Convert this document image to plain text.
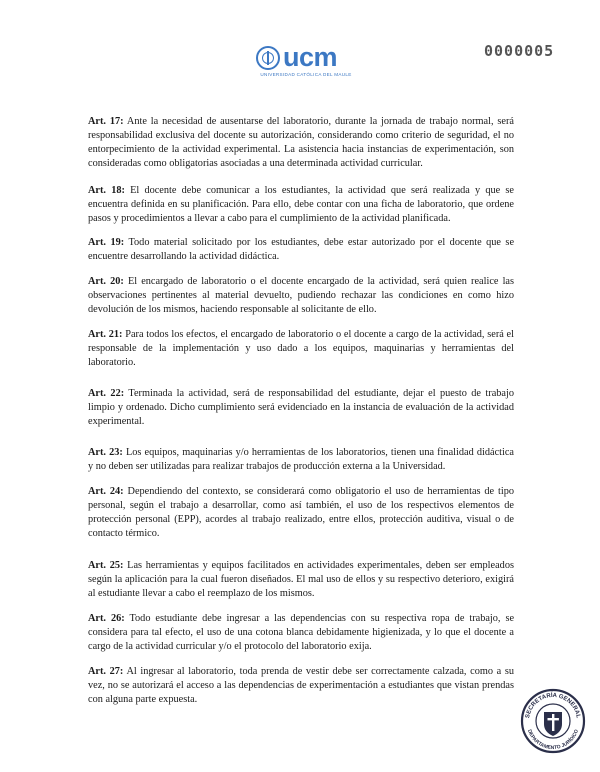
ucm
UNIVERSIDAD CATÓLICA DEL MAULE
0000005

Art. 17: Ante la necesidad de ausentarse del laboratorio, durante la jornada de trabajo normal, será responsabilidad exclusiva del docente su autorización, considerando como criterio de seguridad, el no entorpecimiento de la actividad experimental. La asistencia hacia instancias de experimentación, son consideradas como obligatorias asociadas a una determinada actividad curricular.

Art. 18: El docente debe comunicar a los estudiantes, la actividad que será realizada y que se encuentra definida en su planificación. Para ello, debe contar con una ficha de laboratorio, que ordene pasos y procedimientos a llevar a cabo para el cumplimiento de la actividad planificada.

Art. 19: Todo material solicitado por los estudiantes, debe estar autorizado por el docente que se encuentre desarrollando la actividad didáctica.

Art. 20: El encargado de laboratorio o el docente encargado de la actividad, será quien realice las observaciones pertinentes al material devuelto, pudiendo rechazar las condiciones en como hizo devolución de los mismos, haciendo responsable al solicitante de ello.

Art. 21: Para todos los efectos, el encargado de laboratorio o el docente a cargo de la actividad, será el responsable de la implementación y uso dado a los equipos, maquinarias y herramientas del laboratorio.

Art. 22: Terminada la actividad, será de responsabilidad del estudiante, dejar el puesto de trabajo limpio y ordenado. Dicho cumplimiento será evidenciado en la instancia de evaluación de la actividad experimental.

Art. 23: Los equipos, maquinarias y/o herramientas de los laboratorios, tienen una finalidad didáctica y no deben ser utilizadas para realizar trabajos de producción externa a la Universidad.

Art. 24: Dependiendo del contexto, se considerará como obligatorio el uso de herramientas de tipo personal, según el trabajo a desarrollar, como así también, el uso de los respectivos elementos de protección personal (EPP), acordes al trabajo realizado, entre ellos, protección auditiva, visual o de contacto térmico.

Art. 25: Las herramientas y equipos facilitados en actividades experimentales, deben ser empleados según la aplicación para la cual fueron diseñados. El mal uso de ellos y su respectivo deterioro, exigirá al estudiante llevar a cabo el reemplazo de los mismos.

Art. 26: Todo estudiante debe ingresar a las dependencias con su respectiva ropa de trabajo, se considera para tal efecto, el uso de una cotona blanca debidamente higienizada, y lo que el docente a cargo de la actividad curricular y/o el protocolo del laboratorio exija.

Art. 27: Al ingresar al laboratorio, toda prenda de vestir debe ser correctamente calzada, como a su vez, no se autorizará el acceso a las dependencias de experimentación a estudiantes que vistan prendas con alguna parte expuesta.

SECRETARÍA GENERAL
DEPARTAMENTO JURÍDICO
